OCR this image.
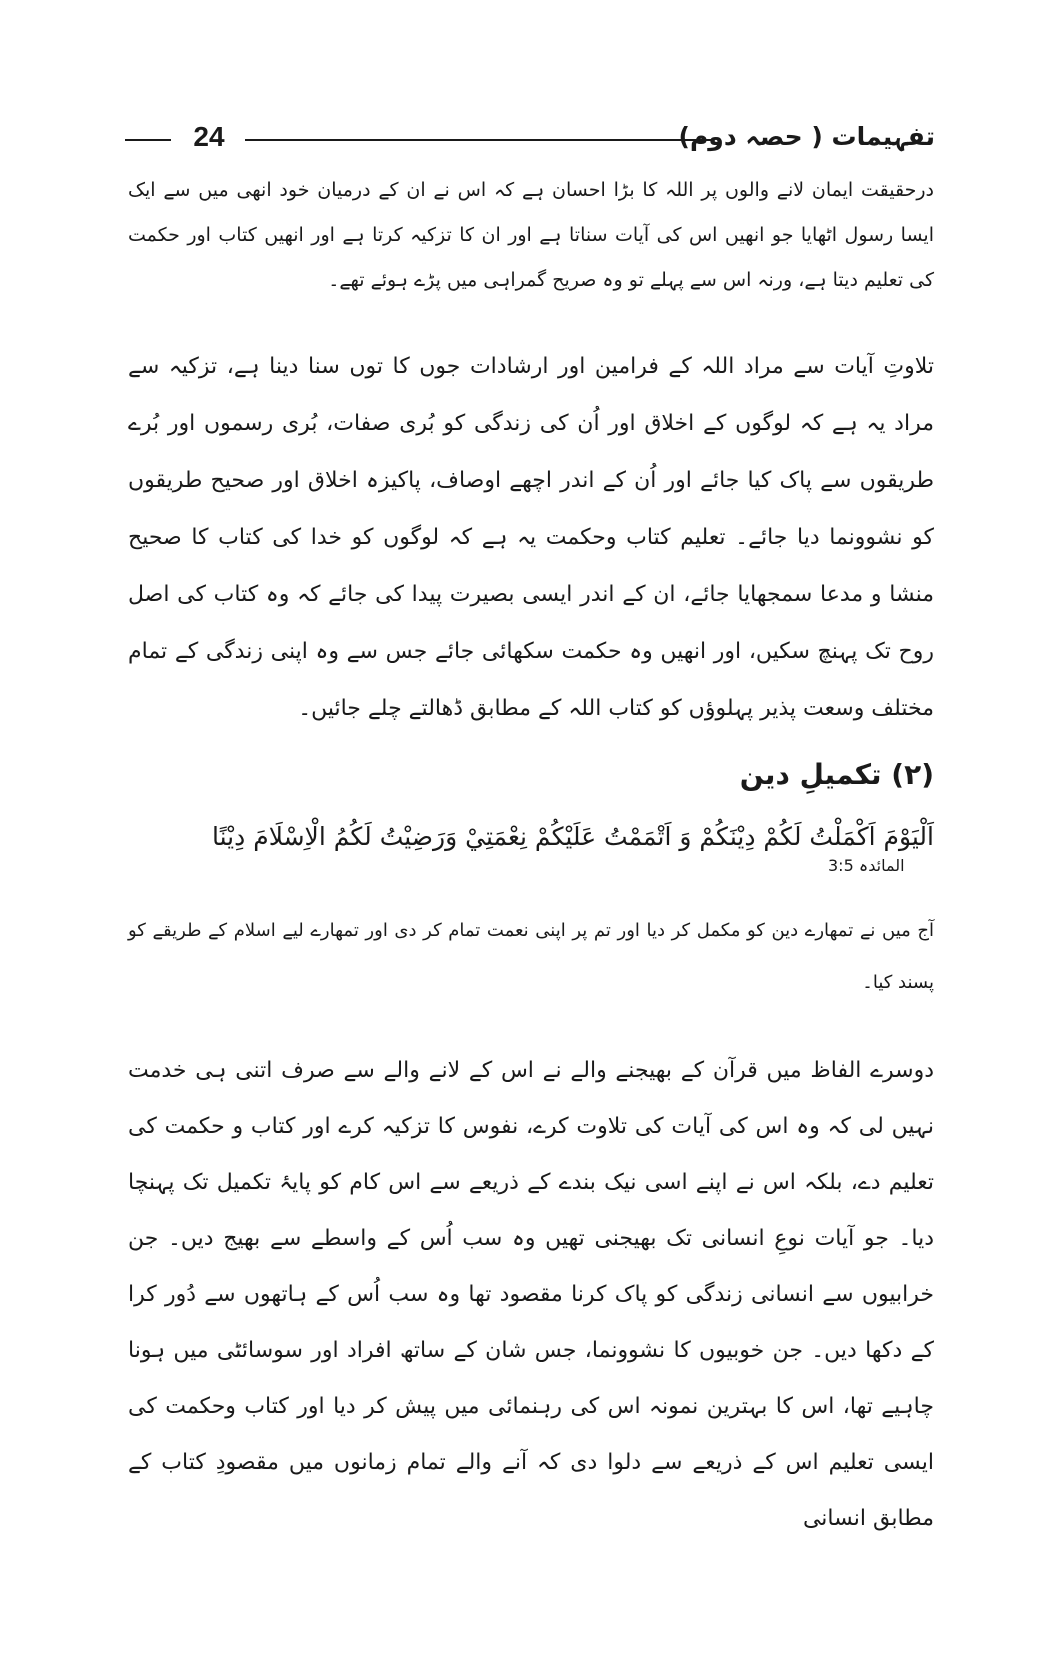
تفہیمات ( حصہ دوم)
24
درحقیقت ایمان لانے والوں پر اللہ کا بڑا احسان ہے کہ اس نے ان کے درمیان خود انھی میں سے ایک ایسا رسول اٹھایا جو انھیں اس کی آیات سناتا ہے اور ان کا تزکیہ کرتا ہے اور انھیں کتاب اور حکمت کی تعلیم دیتا ہے، ورنہ اس سے پہلے تو وہ صریح گمراہی میں پڑے ہوئے تھے۔
تلاوتِ آیات سے مراد اللہ کے فرامین اور ارشادات جوں کا توں سنا دینا ہے، تزکیہ سے مراد یہ ہے کہ لوگوں کے اخلاق اور اُن کی زندگی کو بُری صفات، بُری رسموں اور بُرے طریقوں سے پاک کیا جائے اور اُن کے اندر اچھے اوصاف، پاکیزہ اخلاق اور صحیح طریقوں کو نشوونما دیا جائے۔ تعلیم کتاب وحکمت یہ ہے کہ لوگوں کو خدا کی کتاب کا صحیح منشا و مدعا سمجھایا جائے، ان کے اندر ایسی بصیرت پیدا کی جائے کہ وہ کتاب کی اصل روح تک پہنچ سکیں، اور انھیں وہ حکمت سکھائی جائے جس سے وہ اپنی زندگی کے تمام مختلف وسعت پذیر پہلوؤں کو کتاب اللہ کے مطابق ڈھالتے چلے جائیں۔
(۲) تکمیلِ دین
اَلْيَوْمَ اَكْمَلْتُ لَكُمْ دِيْنَكُمْ وَ اَتْمَمْتُ عَلَيْكُمْ نِعْمَتِيْ وَرَضِيْتُ لَكُمُ الْاِسْلَامَ دِيْنًا
المائدہ 3:5
آج میں نے تمھارے دین کو مکمل کر دیا اور تم پر اپنی نعمت تمام کر دی اور تمھارے لیے اسلام کے طریقے کو پسند کیا۔
دوسرے الفاظ میں قرآن کے بھیجنے والے نے اس کے لانے والے سے صرف اتنی ہی خدمت نہیں لی کہ وہ اس کی آیات کی تلاوت کرے، نفوس کا تزکیہ کرے اور کتاب و حکمت کی تعلیم دے، بلکہ اس نے اپنے اسی نیک بندے کے ذریعے سے اس کام کو پایۂ تکمیل تک پہنچا دیا۔ جو آیات نوعِ انسانی تک بھیجنی تھیں وہ سب اُس کے واسطے سے بھیج دیں۔ جن خرابیوں سے انسانی زندگی کو پاک کرنا مقصود تھا وہ سب اُس کے ہاتھوں سے دُور کرا کے دکھا دیں۔ جن خوبیوں کا نشوونما، جس شان کے ساتھ افراد اور سوسائٹی میں ہونا چاہیے تھا، اس کا بہترین نمونہ اس کی رہنمائی میں پیش کر دیا اور کتاب وحکمت کی ایسی تعلیم اس کے ذریعے سے دلوا دی کہ آنے والے تمام زمانوں میں مقصودِ کتاب کے مطابق انسانی
